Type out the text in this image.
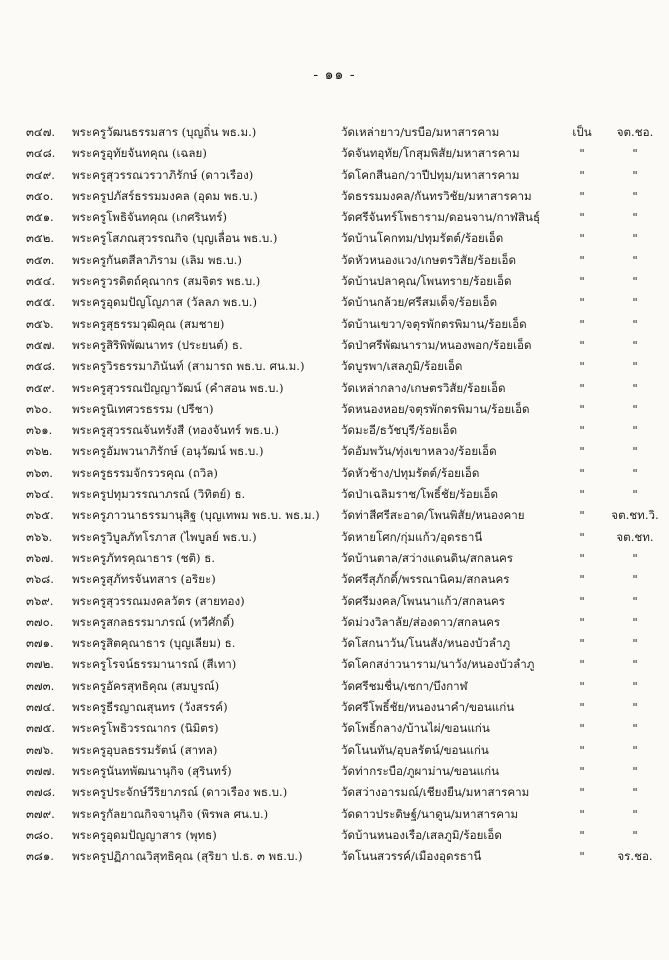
- ๑๑ -
๓๔๗.	พระครูวัฒนธรรมสาร (บุญถิ่น พธ.ม.)	วัดเหล่ายาว/บรบือ/มหาสารคาม	เป็น	จต.ชอ.
๓๔๘.	พระครูอุทัยจันทคุณ (เฉลย)	วัดจันทอุทัย/โกสุมพิสัย/มหาสารคาม	"	"
๓๔๙.	พระครูสุวรรณวรวาภิรักษ์ (ดาวเรือง)	วัดโคกสีนอก/วาปีปทุม/มหาสารคาม	"	"
๓๕๐.	พระครูปภัสร์ธรรมมงคล (อุดม พธ.บ.)	วัดธรรมมงคล/กันทรวิชัย/มหาสารคาม	"	"
๓๕๑.	พระครูโพธิจันทคุณ (เกศรินทร์)	วัดศรีจันทร์โพธาราม/ดอนจาน/กาฬสินธุ์	"	"
๓๕๒.	พระครูโสภณสุวรรณกิจ (บุญเลื่อน พธ.บ.)	วัดบ้านโคกทม/ปทุมรัตต์/ร้อยเอ็ด	"	"
๓๕๓.	พระครูกันตสีลาภิราม (เลิม พธ.บ.)	วัดหัวหนองแวง/เกษตรวิสัย/ร้อยเอ็ด	"	"
๓๕๔.	พระครูวรดิตถ์คุณากร (สมจิตร พธ.บ.)	วัดบ้านปลาคุณ/โพนทราย/ร้อยเอ็ด	"	"
๓๕๕.	พระครูอุดมปัญโญภาส (วัลลภ พธ.บ.)	วัดบ้านกล้วย/ศรีสมเด็จ/ร้อยเอ็ด	"	"
๓๕๖.	พระครูสุธรรมวุฒิคุณ (สมชาย)	วัดบ้านเขวา/จตุรพักตรพิมาน/ร้อยเอ็ด	"	"
๓๕๗.	พระครูสิริพิพัฒนาทร (ประยนต์) ธ.	วัดป่าศรีพัฒนาราม/หนองพอก/ร้อยเอ็ด	"	"
๓๕๘.	พระครูวิรธรรมาภินันท์ (สามารถ พธ.บ. ศน.ม.)	วัดบูรพา/เสลภูมิ/ร้อยเอ็ด	"	"
๓๕๙.	พระครูสุวรรณปัญญาวัฒน์ (คำสอน พธ.บ.)	วัดเหล่ากลาง/เกษตรวิสัย/ร้อยเอ็ด	"	"
๓๖๐.	พระครูนิเทศวรธรรม (ปรีชา)	วัดหนองหอย/จตุรพักตรพิมาน/ร้อยเอ็ด	"	"
๓๖๑.	พระครูสุวรรณจันทรังสี (ทองจันทร์ พธ.บ.)	วัดมะอี/ธวัชบุรี/ร้อยเอ็ด	"	"
๓๖๒.	พระครูอัมพวนาภิรักษ์ (อนุวัฒน์ พธ.บ.)	วัดอัมพวัน/ทุ่งเขาหลวง/ร้อยเอ็ด	"	"
๓๖๓.	พระครูธรรมจักรวรคุณ (ถวิล)	วัดหัวช้าง/ปทุมรัตต์/ร้อยเอ็ด	"	"
๓๖๔.	พระครูปทุมวรรณาภรณ์ (วิทิตย์) ธ.	วัดป่าเฉลิมราช/โพธิ์ชัย/ร้อยเอ็ด	"	"
๓๖๕.	พระครูภาวนาธรรมานุสิฐ (บุญเทพม พธ.บ. พธ.ม.)	วัดท่าสีศรีสะอาด/โพนพิสัย/หนองคาย	"	จต.ชท.วิ.
๓๖๖.	พระครูวิบูลภัทโรภาส (ไพบูลย์ พธ.บ.)	วัดหายโศก/กุ่มแก้ว/อุดรธานี	"	จต.ชท.
๓๖๗.	พระครูภัทรคุณาธาร (ชติ) ธ.	วัดบ้านตาล/สว่างแดนดิน/สกลนคร	"	"
๓๖๘.	พระครูสุภัทรจันทสาร (อริยะ)	วัดศรีสุภักดิ์/พรรณานิคม/สกลนคร	"	"
๓๖๙.	พระครูสุวรรณมงคลวัตร (สายทอง)	วัดศรีมงคล/โพนนาแก้ว/สกลนคร	"	"
๓๗๐.	พระครูสกลธรรมาภรณ์ (ทวีศักดิ์)	วัดม่วงวิลาลัย/ส่องดาว/สกลนคร	"	"
๓๗๑.	พระครูสิตคุณาธาร (บุญเลียม) ธ.	วัดโสกนาวัน/โนนสัง/หนองบัวลำภู	"	"
๓๗๒.	พระครูโรจน์ธรรมานารณ์ (สีเทา)	วัดโคกสง่าวนาราม/นาวัง/หนองบัวลำภู	"	"
๓๗๓.	พระครูอัครสุทธิคุณ (สมบูรณ์)	วัดศรีชมชื่น/เซกา/บึงกาฬ	"	"
๓๗๔.	พระครูธีรญาณสุนทร (วังสรรค์)	วัดศรีโพธิ์ชัย/หนองนาคำ/ขอนแก่น	"	"
๓๗๕.	พระครูโพธิวรรณากร (นิมิตร)	วัดโพธิ์กลาง/บ้านไผ่/ขอนแก่น	"	"
๓๗๖.	พระครูอุบลธรรมรัตน์ (สาทล)	วัดโนนทัน/อุบลรัตน์/ขอนแก่น	"	"
๓๗๗.	พระครูนันทพัฒนานุกิจ (สุรินทร์)	วัดท่ากระบือ/ภูผาม่าน/ขอนแก่น	"	"
๓๗๘.	พระครูประจักษ์วีริยาภรณ์ (ดาวเรือง พธ.บ.)	วัดสว่างอารมณ์/เชียงยืน/มหาสารคาม	"	"
๓๗๙.	พระครูกัลยาณกิจจานุกิจ (พิรพล ศน.บ.)	วัดดาวประดิษฐ์/นาดูน/มหาสารคาม	"	"
๓๘๐.	พระครูอุดมปัญญาสาร (พุทธ)	วัดบ้านหนองเรือ/เสลภูมิ/ร้อยเอ็ด	"	"
๓๘๑.	พระครูปฏิภาณวิสุทธิคุณ (สุริยา ป.ธ. ๓ พธ.บ.)	วัดโนนสวรรค์/เมืองอุดรธานี	"	จร.ชอ.
